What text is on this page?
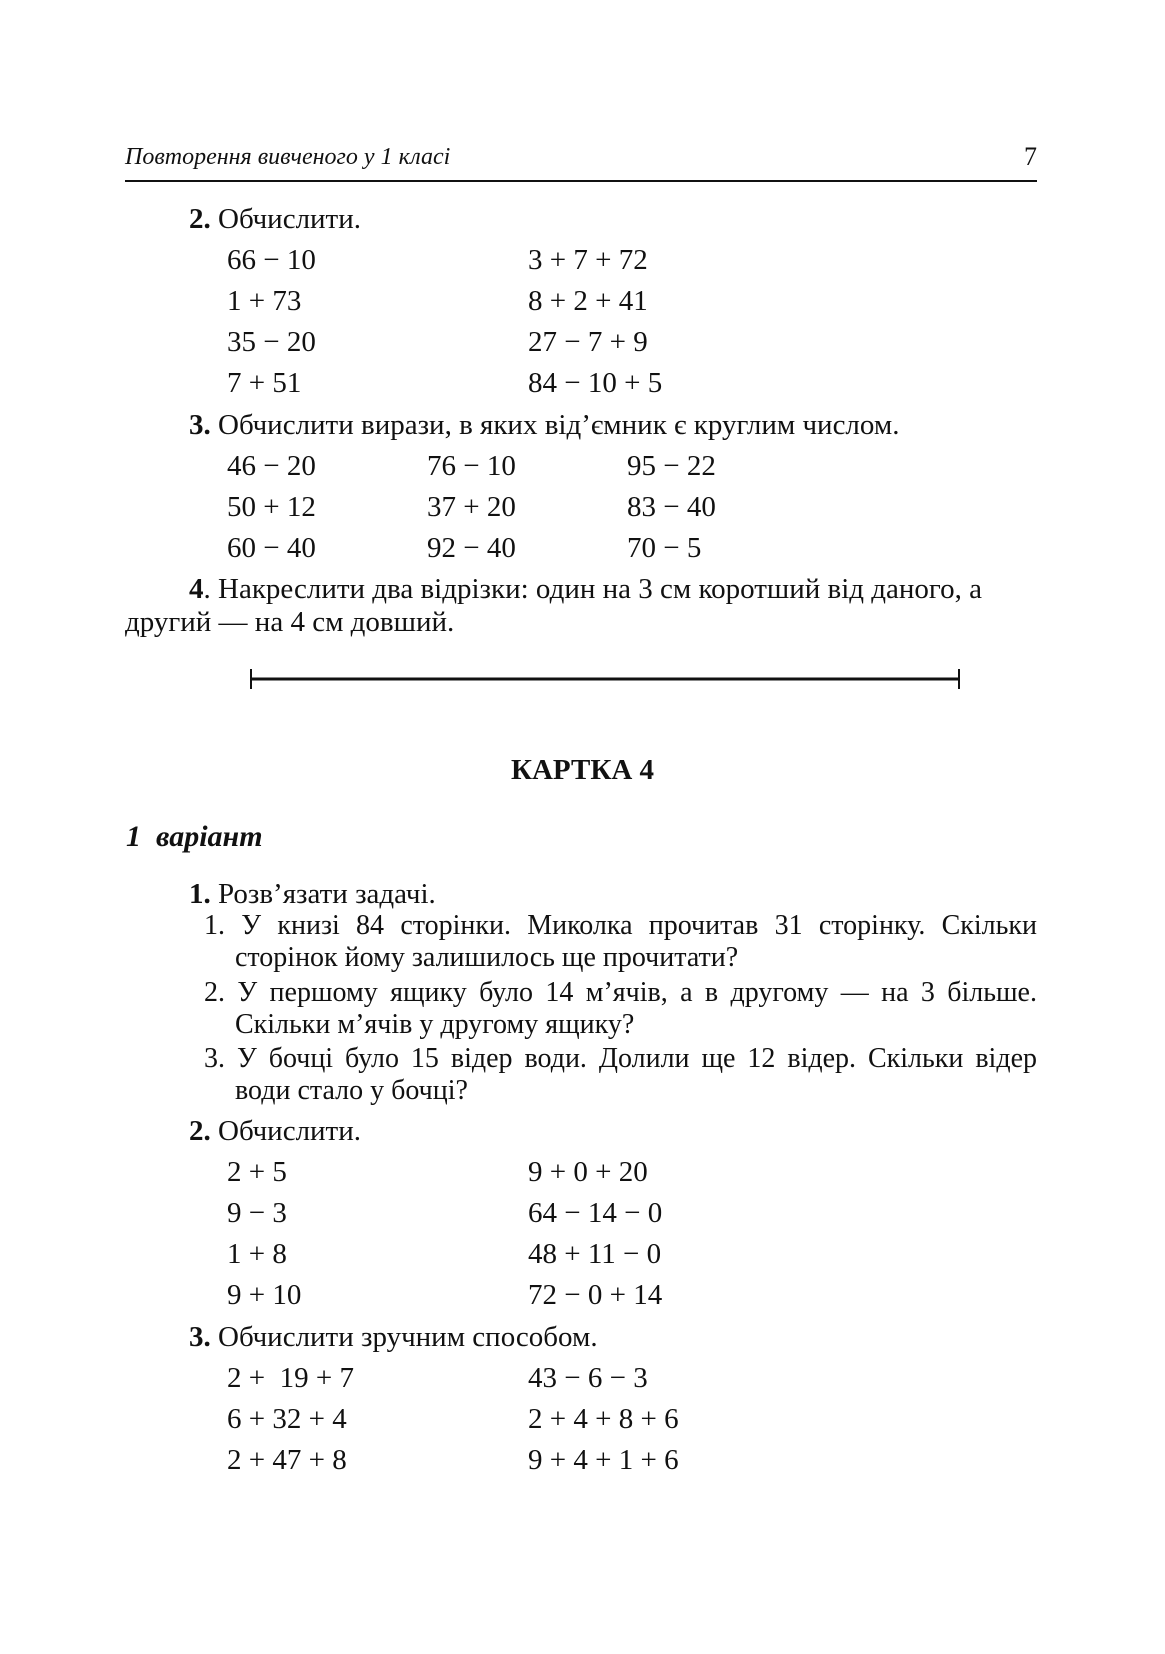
Повторення вивченого у 1 класі	7
2. Обчислити.
66 − 10	3 + 7 + 72
1 + 73	8 + 2 + 41
35 − 20	27 − 7 + 9
7 + 51	84 − 10 + 5
3. Обчислити вирази, в яких від’ємник є круглим числом.
46 − 20	76 − 10	95 − 22
50 + 12	37 + 20	83 − 40
60 − 40	92 − 40	70 − 5
4. Накреслити два відрізки: один на 3 см коротший від даного, а другий — на 4 см довший.
КАРТКА 4
1  варіант
1. Розв’язати задачі.
1. У книзі 84 сторінки. Миколка прочитав 31 сторінку. Скільки сторінок йому залишилось ще прочитати?
2. У першому ящику було 14 м’ячів, а в другому — на 3 більше. Скільки м’ячів у другому ящику?
3. У бочці було 15 відер води. Долили ще 12 відер. Скільки відер води стало у бочці?
2. Обчислити.
2 + 5	9 + 0 + 20
9 − 3	64 − 14 − 0
1 + 8	48 + 11 − 0
9 + 10	72 − 0 + 14
3. Обчислити зручним способом.
2 +  19 + 7	43 − 6 − 3
6 + 32 + 4	2 + 4 + 8 + 6
2 + 47 + 8	9 + 4 + 1 + 6
